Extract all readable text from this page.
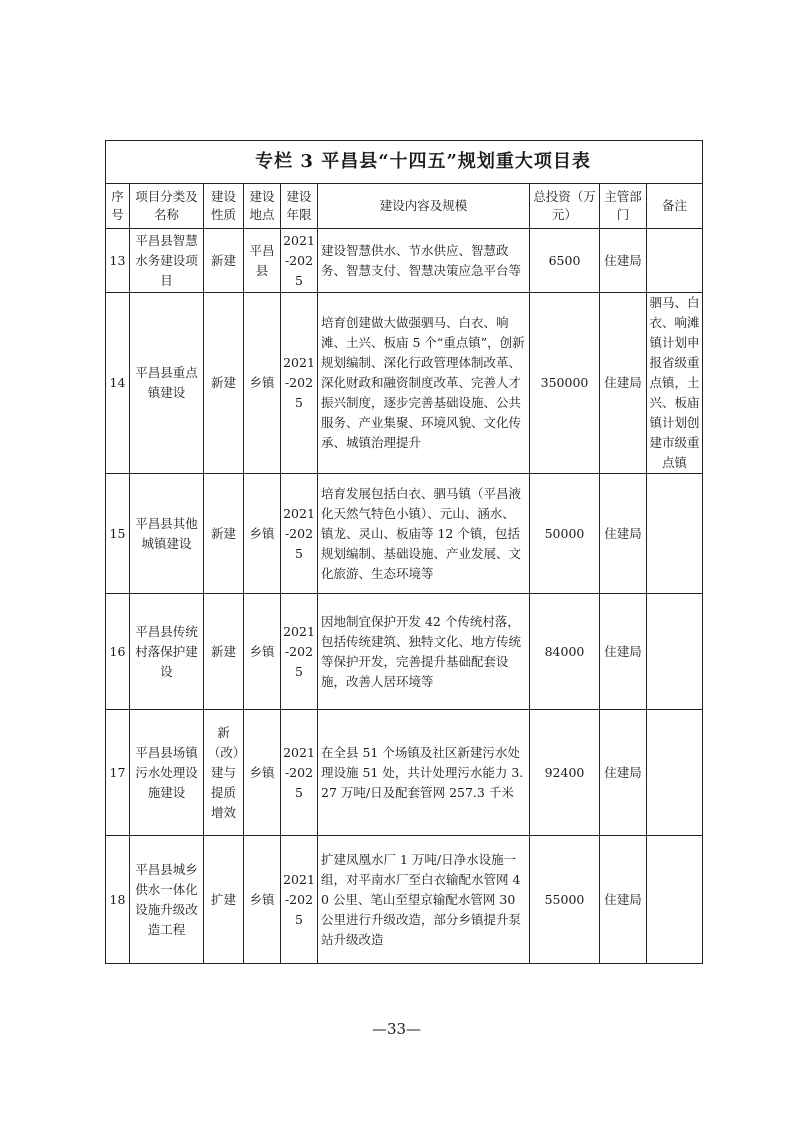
专栏 3 平昌县“十四五”规划重大项目表								
序号	项目分类及名称	建设性质	建设地点	建设年限	建设内容及规模	总投资（万元）	主管部门	备注
13	平昌县智慧水务建设项目	新建	平昌县	2021-2025	建设智慧供水、节水供应、智慧政务、智慧支付、智慧决策应急平台等	6500	住建局	
14	平昌县重点镇建设	新建	乡镇	2021-2025	培育创建做大做强驷马、白衣、响滩、土兴、板庙 5 个“重点镇”，创新规划编制、深化行政管理体制改革、深化财政和融资制度改革、完善人才振兴制度，逐步完善基础设施、公共服务、产业集聚、环境风貌、文化传承、城镇治理提升	350000	住建局	驷马、白衣、响滩镇计划申报省级重点镇，土兴、板庙镇计划创建市级重点镇
15	平昌县其他城镇建设	新建	乡镇	2021-2025	培育发展包括白衣、驷马镇（平昌液化天然气特色小镇）、元山、涵水、镇龙、灵山、板庙等 12 个镇，包括规划编制、基础设施、产业发展、文化旅游、生态环境等	50000	住建局	
16	平昌县传统村落保护建设	新建	乡镇	2021-2025	因地制宜保护开发 42 个传统村落，包括传统建筑、独特文化、地方传统等保护开发，完善提升基础配套设施，改善人居环境等	84000	住建局	
17	平昌县场镇污水处理设施建设	新（改）建与提质增效	乡镇	2021-2025	在全县 51 个场镇及社区新建污水处理设施 51 处，共计处理污水能力 3.27 万吨/日及配套管网 257.3 千米	92400	住建局	
18	平昌县城乡供水一体化设施升级改造工程	扩建	乡镇	2021-2025	扩建凤凰水厂 1 万吨/日净水设施一组，对平南水厂至白衣输配水管网 40 公里、笔山至望京输配水管网 30 公里进行升级改造，部分乡镇提升泵站升级改造	55000	住建局	
—33—
